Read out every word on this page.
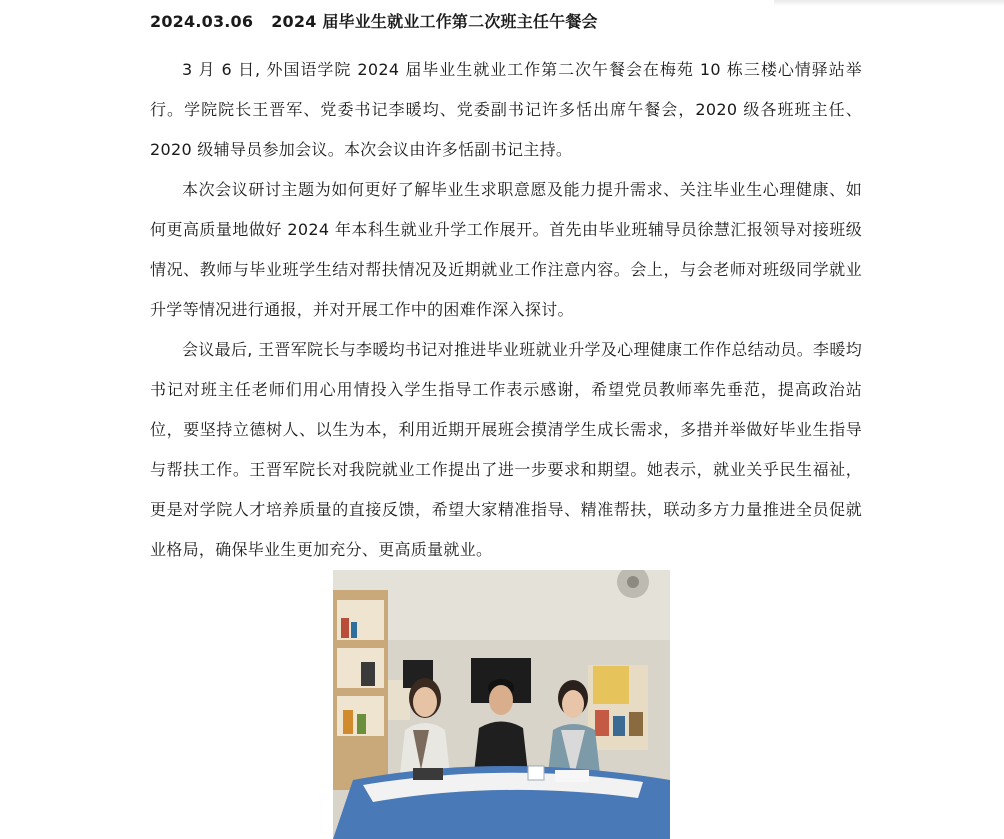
2024.03.06 2024 届毕业生就业工作第二次班主任午餐会

3 月 6 日, 外国语学院 2024 届毕业生就业工作第二次午餐会在梅苑 10 栋三楼心情驿站举行。学院院长王晋军、党委书记李暖均、党委副书记许多恬出席午餐会，2020 级各班班主任、2020 级辅导员参加会议。本次会议由许多恬副书记主持。

本次会议研讨主题为如何更好了解毕业生求职意愿及能力提升需求、关注毕业生心理健康、如何更高质量地做好 2024 年本科生就业升学工作展开。首先由毕业班辅导员徐慧汇报领导对接班级情况、教师与毕业班学生结对帮扶情况及近期就业工作注意内容。会上，与会老师对班级同学就业升学等情况进行通报，并对开展工作中的困难作深入探讨。

会议最后, 王晋军院长与李暖均书记对推进毕业班就业升学及心理健康工作作总结动员。李暖均书记对班主任老师们用心用情投入学生指导工作表示感谢，希望党员教师率先垂范，提高政治站位，要坚持立德树人、以生为本，利用近期开展班会摸清学生成长需求，多措并举做好毕业生指导与帮扶工作。王晋军院长对我院就业工作提出了进一步要求和期望。她表示，就业关乎民生福祉，更是对学院人才培养质量的直接反馈，希望大家精准指导、精准帮扶，联动多方力量推进全员促就业格局，确保毕业生更加充分、更高质量就业。
